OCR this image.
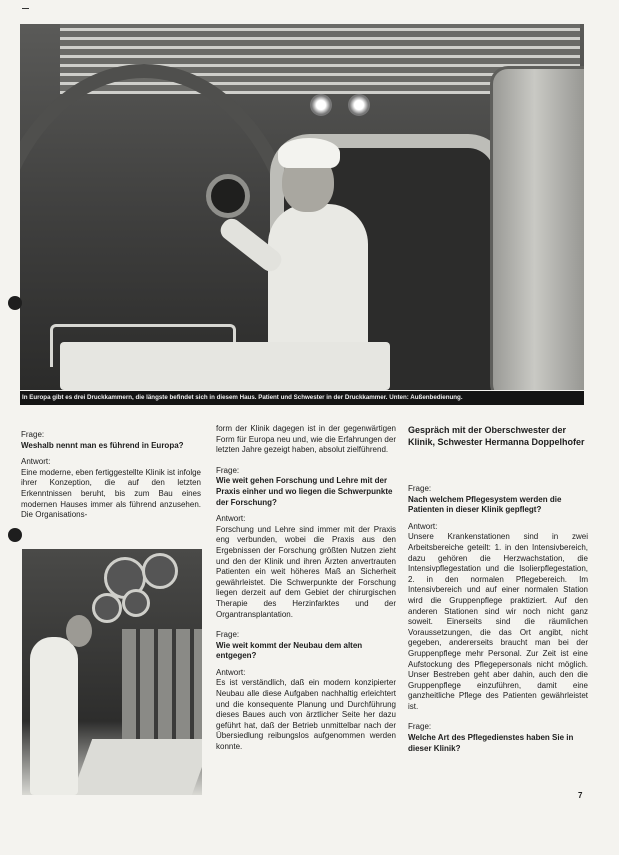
In Europa gibt es drei Druckkammern, die längste befindet sich in diesem Haus. Patient und Schwester in der Druckkammer. Unten: Außenbedienung.
Frage:
Weshalb nennt man es führend in Europa?
Antwort:

Eine moderne, eben fertiggestellte Klinik ist infolge ihrer Konzeption, die auf den letzten Erkenntnissen beruht, bis zum Bau eines modernen Hauses immer als führend anzusehen. Die Organisations-

form der Klinik dagegen ist in der gegenwärtigen Form für Europa neu und, wie die Erfahrungen der letzten Jahre gezeigt haben, absolut zielführend.

Frage:
Wie weit gehen Forschung und Lehre mit der Praxis einher und wo liegen die Schwerpunkte der Forschung?
Antwort:

Forschung und Lehre sind immer mit der Praxis eng verbunden, wobei die Praxis aus den Ergebnissen der Forschung größten Nutzen zieht und den der Klinik und ihren Ärzten anvertrauten Patienten ein weit höheres Maß an Sicherheit gewährleistet. Die Schwerpunkte der Forschung liegen derzeit auf dem Gebiet der chirurgischen Therapie des Herzinfarktes und der Organtransplantation.

Frage:
Wie weit kommt der Neubau dem alten entgegen?
Antwort:

Es ist verständlich, daß ein modern konzipierter Neubau alle diese Aufgaben nachhaltig erleichtert und die konsequente Planung und Durchführung dieses Baues auch von ärztlicher Seite her dazu geführt hat, daß der Betrieb unmittelbar nach der Übersiedlung reibungslos aufgenommen werden konnte.

Gespräch mit der Oberschwester der Klinik, Schwester Hermanna Doppelhofer
Frage:
Nach welchem Pflegesystem werden die Patienten in dieser Klinik gepflegt?
Antwort:

Unsere Krankenstationen sind in zwei Arbeitsbereiche geteilt: 1. in den Intensivbereich, dazu gehören die Herzwachstation, die Intensivpflegestation und die Isolierpflegestation, 2. in den normalen Pflegebereich. Im Intensivbereich und auf einer normalen Station wird die Gruppenpflege praktiziert. Auf den anderen Stationen sind wir noch nicht ganz soweit. Einerseits sind die räumlichen Voraussetzungen, die das Ort angibt, nicht gegeben, andererseits braucht man bei der Gruppenpflege mehr Personal. Zur Zeit ist eine Aufstockung des Pflegepersonals nicht möglich. Unser Bestreben geht aber dahin, auch den die Gruppenpflege einzuführen, damit eine ganzheitliche Pflege des Patienten gewährleistet ist.

Frage:
Welche Art des Pflegedienstes haben Sie in dieser Klinik?
7
